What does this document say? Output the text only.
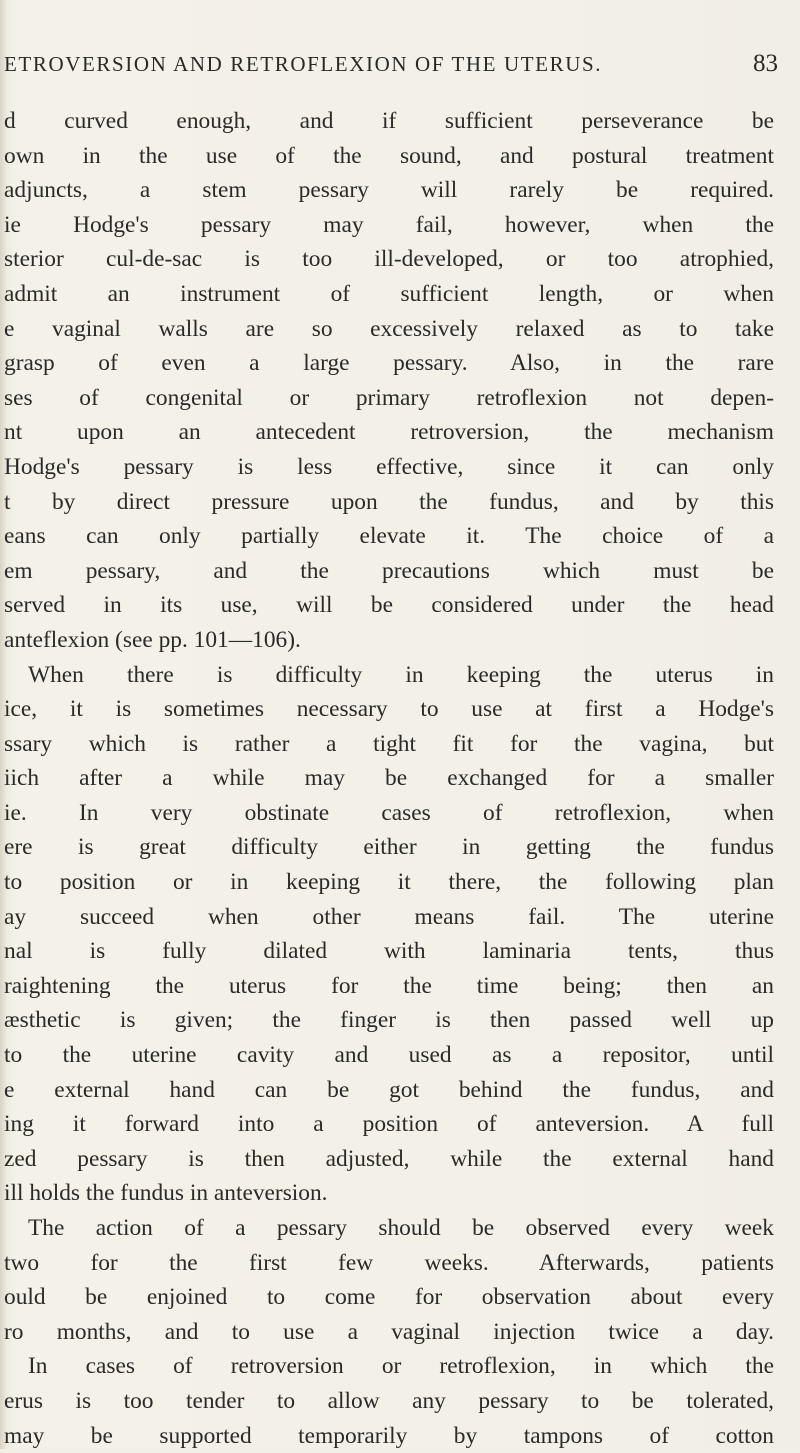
ETROVERSION AND RETROFLEXION OF THE UTERUS.	83
d curved enough, and if sufficient perseverance be
own in the use of the sound, and postural treatment
adjuncts, a stem pessary will rarely be required.
ie Hodge's pessary may fail, however, when the
sterior cul-de-sac is too ill-developed, or too atrophied,
admit an instrument of sufficient length, or when
e vaginal walls are so excessively relaxed as to take
grasp of even a large pessary. Also, in the rare
ses of congenital or primary retroflexion not depen-
nt upon an antecedent retroversion, the mechanism
Hodge's pessary is less effective, since it can only
t by direct pressure upon the fundus, and by this
eans can only partially elevate it. The choice of a
em pessary, and the precautions which must be
served in its use, will be considered under the head
anteflexion (see pp. 101—106).
When there is difficulty in keeping the uterus in
ice, it is sometimes necessary to use at first a Hodge's
ssary which is rather a tight fit for the vagina, but
iich after a while may be exchanged for a smaller
ie. In very obstinate cases of retroflexion, when
ere is great difficulty either in getting the fundus
to position or in keeping it there, the following plan
ay succeed when other means fail. The uterine
nal is fully dilated with laminaria tents, thus
raightening the uterus for the time being; then an
æsthetic is given; the finger is then passed well up
to the uterine cavity and used as a repositor, until
e external hand can be got behind the fundus, and
ing it forward into a position of anteversion. A full
zed pessary is then adjusted, while the external hand
ill holds the fundus in anteversion.
The action of a pessary should be observed every week
two for the first few weeks. Afterwards, patients
ould be enjoined to come for observation about every
ro months, and to use a vaginal injection twice a day.
In cases of retroversion or retroflexion, in which the
erus is too tender to allow any pessary to be tolerated,
may be supported temporarily by tampons of cotton
